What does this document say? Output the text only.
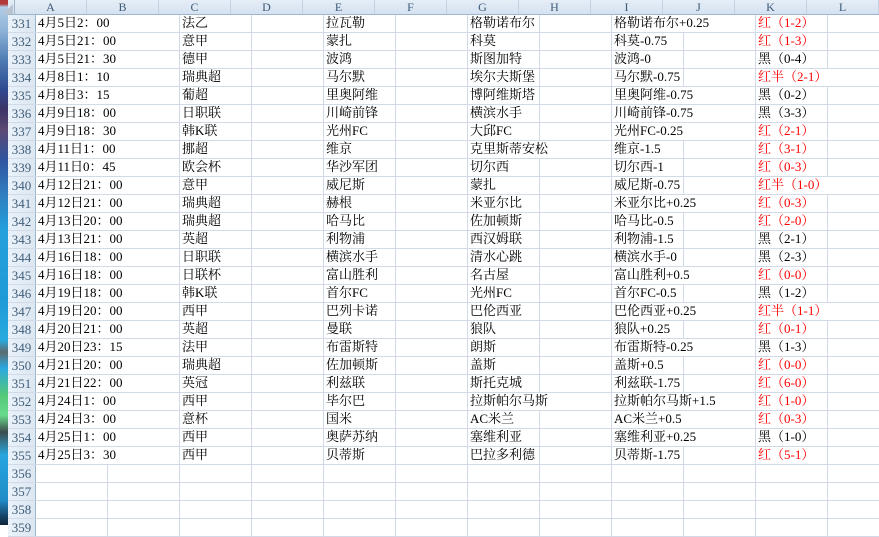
A	B	C	D	E	F	G	H	I	J	K	L
331 4月5日2：00	法乙	拉瓦勒	格勒诺布尔	格勒诺布尔+0.25	红（1-2）
332 4月5日21：00	意甲	蒙扎	科莫	科莫-0.75	红（1-3）
333 4月5日21：30	德甲	波鸿	斯图加特	波鸿-0	黑（0-4）
334 4月8日1：10	瑞典超	马尔默	埃尔夫斯堡	马尔默-0.75	红半（2-1）
335 4月8日3：15	葡超	里奥阿维	博阿维斯塔	里奥阿维-0.75	黑（0-2）
336 4月9日18：00	日职联	川崎前锋	横滨水手	川崎前锋-0.75	黑（3-3）
337 4月9日18：30	韩K联	光州FC	大邱FC	光州FC-0.25	红（2-1）
338 4月11日1：00	挪超	维京	克里斯蒂安松	维京-1.5	红（3-1）
339 4月11日0：45	欧会杯	华沙军团	切尔西	切尔西-1	红（0-3）
340 4月12日21：00	意甲	威尼斯	蒙扎	威尼斯-0.75	红半（1-0）
341 4月12日21：00	瑞典超	赫根	米亚尔比	米亚尔比+0.25	红（0-3）
342 4月13日20：00	瑞典超	哈马比	佐加顿斯	哈马比-0.5	红（2-0）
343 4月13日21：00	英超	利物浦	西汉姆联	利物浦-1.5	黑（2-1）
344 4月16日18：00	日职联	横滨水手	清水心跳	横滨水手-0	黑（2-3）
345 4月16日18：00	日联杯	富山胜利	名古屋	富山胜利+0.5	红（0-0）
346 4月19日18：00	韩K联	首尔FC	光州FC	首尔FC-0.5	黑（1-2）
347 4月19日20：00	西甲	巴列卡诺	巴伦西亚	巴伦西亚+0.25	红半（1-1）
348 4月20日21：00	英超	曼联	狼队	狼队+0.25	红（0-1）
349 4月20日23：15	法甲	布雷斯特	朗斯	布雷斯特-0.25	黑（1-3）
350 4月21日20：00	瑞典超	佐加顿斯	盖斯	盖斯+0.5	红（0-0）
351 4月21日22：00	英冠	利兹联	斯托克城	利兹联-1.75	红（6-0）
352 4月24日1：00	西甲	毕尔巴	拉斯帕尔马斯	拉斯帕尔马斯+1.5	红（1-0）
353 4月24日3：00	意杯	国米	AC米兰	AC米兰+0.5	红（0-3）
354 4月25日1：00	西甲	奥萨苏纳	塞维利亚	塞维利亚+0.25	黑（1-0）
355 4月25日3：30	西甲	贝蒂斯	巴拉多利德	贝蒂斯-1.75	红（5-1）
356
357
358
359
